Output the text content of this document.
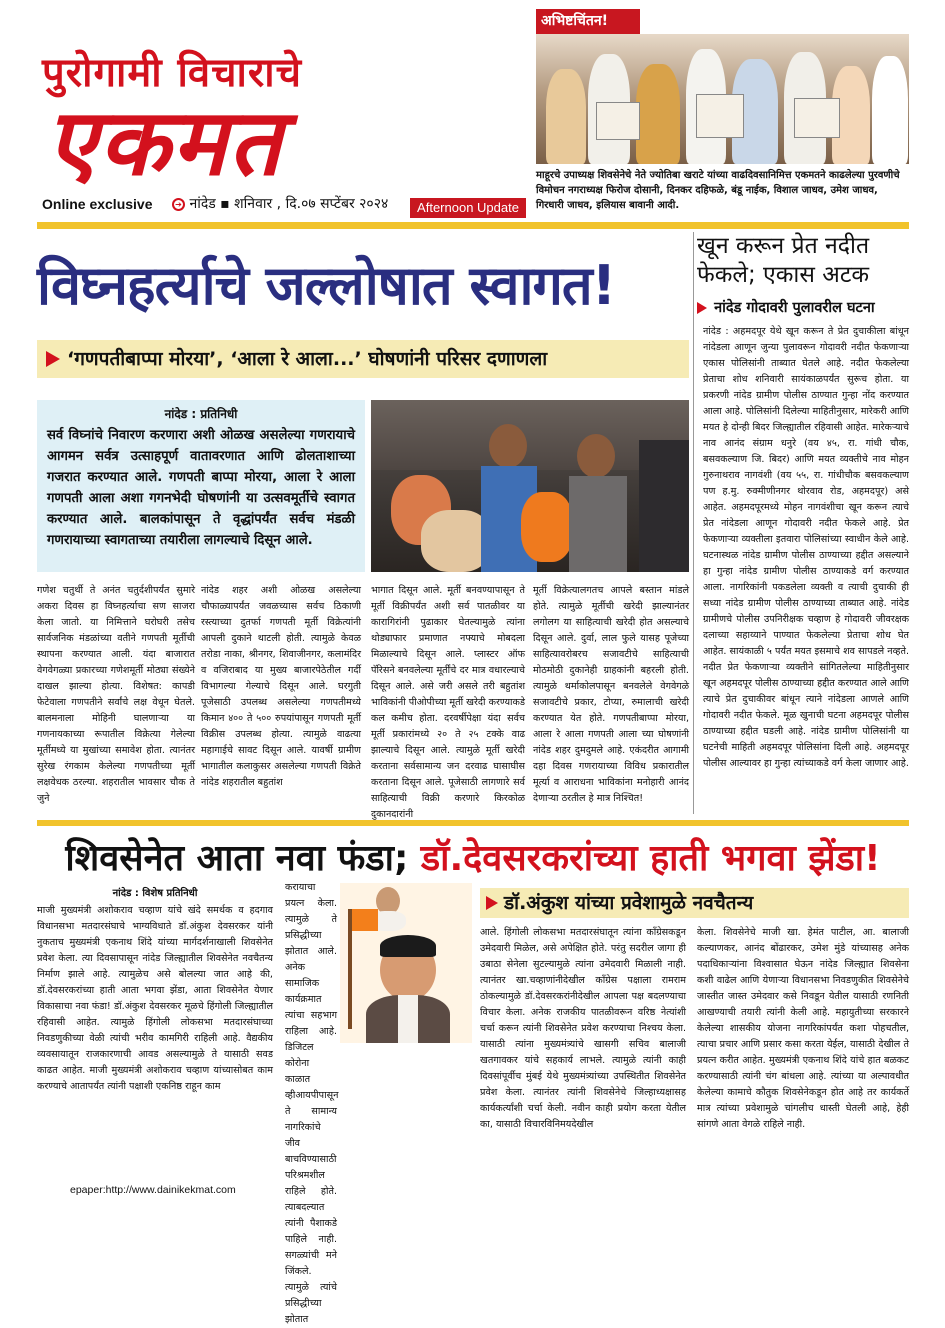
पुरोगामी विचाराचे
एकमत
Online exclusive	➔ नांदेड ▪ शनिवार , दि.०७ सप्टेंबर २०२४	Afternoon Update
अभिष्टचिंतन!
माहूरचे उपाध्यक्ष शिवसेनेचे नेते ज्योतिबा खराटे यांच्या वाढदिवसानिमित्त एकमतने काढलेल्या पुरवणीचे विमोचन नगराध्यक्ष फिरोज दोसानी, दिनकर दहिफळे, बंडू नाईक, विशाल जाधव, उमेश जाधव, गिरधारी जाधव, इलियास बावानी आदी.
विघ्नहर्त्याचे जल्लोषात स्वागत!
‘गणपतीबाप्पा मोरया’, ‘आला रे आला...’ घोषणांनी परिसर दणाणला
नांदेड : प्रतिनिधी
सर्व विघ्नांचे निवारण करणारा अशी ओळख असलेल्या गणरायाचे आगमन सर्वत्र उत्साहपूर्ण वातावरणात आणि ढोलताशाच्या गजरात करण्यात आले. गणपती बाप्पा मोरया, आला रे आला गणपती आला अशा गगनभेदी घोषणांनी या उत्सवमूर्तीचे स्वागत करण्यात आले. बालकांपासून ते वृद्धांपर्यंत सर्वच मंडळी गणरायाच्या स्वागताच्या तयारीला लागल्याचे दिसून आले.
गणेश चतुर्थी ते अनंत चतुर्दशीपर्यंत सुमारे अकरा दिवस हा विघ्नहर्त्याचा सण साजरा केला जातो. या निमित्ताने घरोघरी तसेच सार्वजनिक मंडळांच्या वतीने गणपती मूर्तीची स्थापना करण्यात आली. यंदा बाजारात वेगवेगळ्या प्रकारच्या गणेशमूर्ती मोठ्या संख्येने दाखल झाल्या होत्या. विशेषत: कापडी फेटेवाला गणपतीने सर्वांचे लक्ष वेधून घेतले. बालमनाला मोहिनी घालणाऱ्या या गणनायकाच्या रूपातील विक्रेत्या गेलेल्या मूर्तीमध्ये या मुखांच्या समावेश होता. त्यानंतर सुरेख रंगकाम केलेल्या गणपतीच्या मूर्ती लक्षवेधक ठरल्या. शहरातील भावसार चौक ते जुने
नांदेड शहर अशी ओळख असलेल्या चौफाळ्यापर्यंत जवळच्यास सर्वच ठिकाणी रस्त्याच्या दुतर्फा गणपती मूर्ती विक्रेत्यांनी आपली दुकाने थाटली होती. त्यामुळे केवळ तरोडा नाका, श्रीनगर, शिवाजीनगर, कलामंदिर व वजिराबाद या मुख्य बाजारपेठेतील गर्दी विभागल्या गेल्याचे दिसून आले. घरगुती पूजेसाठी उपलब्ध असलेल्या गणपतीमध्ये किमान ४०० ते ५०० रुपयांपासून गणपती मूर्ती विक्रीस उपलब्ध होत्या. त्यामुळे वाढत्या महागाईचे सावट दिसून आले. यावर्षी ग्रामीण भागातील कलाकुसर असलेल्या गणपती विक्रेते नांदेड शहरातील बहुतांश
भागात दिसून आले. मूर्ती बनवण्यापासून ते मूर्ती विक्रीपर्यंत अशी सर्व पातळीवर या कारागिरांनी पुढाकार घेतल्यामुळे त्यांना थोड्याफार प्रमाणात नफ्याचे मोबदला मिळाल्याचे दिसून आले. प्लास्टर ऑफ पॅरिसने बनवलेल्या मूर्तींचे दर मात्र वधारल्याचे दिसून आले. असे जरी असले तरी बहुतांश भाविकांनी पीओपीच्या मूर्ती खरेदी करण्याकडे कल कमीच होता. दरवर्षीपेक्षा यंदा सर्वच मूर्ती प्रकारांमध्ये २० ते २५ टक्के वाढ झाल्याचे दिसून आले. त्यामुळे मूर्ती खरेदी करताना सर्वसामान्य जन दरवाढ घासाघीस करताना दिसून आले. पूजेसाठी लागणारे सर्व साहित्याची विक्री करणारे किरकोळ दुकानदारांनी
मूर्ती विक्रेत्यालगतच आपले बस्तान मांडले होते. त्यामुळे मूर्तीची खरेदी झाल्यानंतर लगोलग या साहित्याची खरेदी होत असल्याचे दिसून आले. दुर्वा, लाल फुले यासह पूजेच्या साहित्यावरोबरच सजावटीचे साहित्याची मोठमोठी दुकानेही ग्राहकांनी बहरली होती. त्यामुळे थर्माकोलपासून बनवलेले वेगवेगळे सजावटीचे प्रकार, टोप्या, रुमालाची खरेदी करण्यात येत होते. गणपतीबाप्पा मोरया, आला रे आला गणपती आला च्या घोषणांनी नांदेड शहर दुमदुमले आहे. एकंदरीत आगामी दहा दिवस गणरायाच्या विविध प्रकारातील मूर्त्या व आराधना भाविकांना मनोहारी आनंद देणाऱ्या ठरतील हे मात्र निश्चित!
खून करून प्रेत नदीत
फेकले; एकास अटक
नांदेड गोदावरी पुलावरील घटना
नांदेड : अहमदपूर येथे खून करून ते प्रेत दुचाकीला बांधून नांदेडला आणून जुन्या पुलावरून गोदावरी नदीत फेकणाऱ्या एकास पोलिसांनी ताब्यात घेतले आहे. नदीत फेकलेल्या प्रेताचा शोध शनिवारी सायंकाळपर्यंत सुरूच होता. या प्रकरणी नांदेड ग्रामीण पोलीस ठाण्यात गुन्हा नोंद करण्यात आला आहे. पोलिसांनी दिलेल्या माहितीनुसार, मारेकरी आणि मयत हे दोन्ही बिदर जिल्ह्यातील रहिवासी आहेत. मारेकऱ्याचे नाव आनंद संग्राम धनुरे (वय ४५, रा. गांधी चौक, बसवकल्याण जि. बिदर) आणि मयत व्यक्तीचे नाव मोहन गुरुनाथराव नागवंशी (वय ५५, रा. गांधीचौक बसवकल्याण पण ह.मु. रुक्मीणीनगर थोरवाव रोड, अहमदपूर) असे आहेत. अहमदपूरमध्ये मोहन नागवंशीचा खून करून त्याचे प्रेत नांदेडला आणून गोदावरी नदीत फेकले आहे. प्रेत फेकणाऱ्या व्यक्तीला इतवारा पोलिसांच्या स्वाधीन केले आहे. घटनास्थळ नांदेड ग्रामीण पोलीस ठाण्याच्या हद्दीत असल्याने हा गुन्हा नांदेड ग्रामीण पोलीस ठाण्याकडे वर्ग करण्यात आला. नागरिकांनी पकडलेला व्यक्ती व त्याची दुचाकी ही सध्या नांदेड ग्रामीण पोलीस ठाण्याच्या ताब्यात आहे. नांदेड ग्रामीणचे पोलीस उपनिरीक्षक चव्हाण हे गोदावरी जीवरक्षक दलाच्या सहाय्याने पाण्यात फेकलेल्या प्रेताचा शोध घेत आहेत. सायंकाळी ५ पर्यंत मयत इसमाचे शव सापडले नव्हते. नदीत प्रेत फेकणाऱ्या व्यक्तीने सांगितलेल्या माहितीनुसार खून अहमदपूर पोलीस ठाण्याच्या हद्दीत करण्यात आले आणि त्याचे प्रेत दुचाकीवर बांधून त्याने नांदेडला आणले आणि गोदावरी नदीत फेकले. मूळ खुनाची घटना अहमदपूर पोलीस ठाण्याच्या हद्दीत घडली आहे. नांदेड ग्रामीण पोलिसांनी या घटनेची माहिती अहमदपूर पोलिसांना दिली आहे. अहमदपूर पोलीस आल्यावर हा गुन्हा त्यांच्याकडे वर्ग केला जाणार आहे.
शिवसेनेत आता नवा फंडा; डॉ.देवसरकरांच्या हाती भगवा झेंडा!
डॉ.अंकुश यांच्या प्रवेशामुळे नवचैतन्य
नांदेड : विशेष प्रतिनिधी
माजी मुख्यमंत्री अशोकराव चव्हाण यांचे खंदे समर्थक व हदगाव विधानसभा मतदारसंघाचे भाग्यविधाते डॉ.अंकुश देवसरकर यांनी नुकताच मुख्यमंत्री एकनाथ शिंदे यांच्या मार्गदर्शनाखाली शिवसेनेत प्रवेश केला. त्या दिवसापासून नांदेड जिल्ह्यातील शिवसेनेत नवचैतन्य निर्माण झाले आहे. त्यामुळेच असे बोलल्या जात आहे की, डॉ.देवसरकरांच्या हाती आता भगवा झेंडा, आता शिवसेनेत येणार विकासाचा नवा फंडा! डॉ.अंकुश देवसरकर मूळचे हिंगोली जिल्ह्यातील रहिवासी आहेत. त्यामुळे हिंगोली लोकसभा मतदारसंघाच्या निवडणुकीच्या वेळी त्यांची भरीव कामगिरी राहिली आहे. वैद्यकीय व्यवसायातून राजकारणाची आवड असल्यामुळे ते यासाठी सवड काढत आहेत. माजी मुख्यमंत्री अशोकराव चव्हाण यांच्यासोबत काम करण्याचे आतापर्यंत त्यांनी पक्षाशी एकनिष्ठ राहून काम
करायाचा प्रयत्न केला. त्यामुळे ते प्रसिद्धीच्या झोतात आले. अनेक सामाजिक कार्यक्रमात त्यांचा सहभाग राहिला आहे. डिजिटल कोरोना काळात व्हीआयपीपासून ते सामान्य नागरिकांचे जीव बाचविण्यासाठी परिश्रमशील राहिले होते. त्याबदल्यात त्यांनी पैशाकडे पाहिले नाही. सगळ्यांची मने जिंकले. त्यामुळे त्यांचे प्रसिद्धीच्या झोतात
आले. हिंगोली लोकसभा मतदारसंघातून त्यांना काँग्रेसकडून उमेदवारी मिळेल, असे अपेक्षित होते. परंतु सदरील जागा ही उबाठा सेनेला सुटल्यामुळे त्यांना उमेदवारी मिळाली नाही. त्यानंतर खा.चव्हाणांनीदेखील काँग्रेस पक्षाला रामराम ठोकल्यामुळे डॉ.देवसरकरांनीदेखील आपला पक्ष बदलण्याचा विचार केला. अनेक राजकीय पातळीवरून वरिष्ठ नेत्यांशी चर्चा करून त्यांनी शिवसेनेत प्रवेश करण्याचा निश्चय केला. यासाठी त्यांना मुख्यमंत्र्यांचे खासगी सचिव बालाजी खतगावकर यांचे सहकार्य लाभले. त्यामुळे त्यांनी काही दिवसांपूर्वीच मुंबई येथे मुख्यमंत्र्यांच्या उपस्थितीत शिवसेनेत प्रवेश केला. त्यानंतर त्यांनी शिवसेनेचे जिल्हाध्यक्षासह कार्यकर्त्यांशी चर्चा केली. नवीन काही प्रयोग करता येतील का, यासाठी विचारविनिमयदेखील
केला. शिवसेनेचे माजी खा. हेमंत पाटील, आ. बालाजी कल्याणकर, आनंद बोंढारकर, उमेश मुंडे यांच्यासह अनेक पदाधिकाऱ्यांना विश्वासात घेऊन नांदेड जिल्ह्यात शिवसेना कशी वाढेल आणि येणाऱ्या विधानसभा निवडणुकीत शिवसेनेचे जास्तीत जास्त उमेदवार कसे निवडून येतील यासाठी रणनिती आखण्याची तयारी त्यांनी केली आहे. महायुतीच्या सरकारने केलेल्या शासकीय योजना नागरिकांपर्यंत कशा पोहचतील, त्याचा प्रचार आणि प्रसार कसा करता येईल, यासाठी देखील ते प्रयत्न करीत आहेत. मुख्यमंत्री एकनाथ शिंदे यांचे हात बळकट करण्यासाठी त्यांनी चंग बांधला आहे. त्यांच्या या अल्पावधीत केलेल्या कामाचे कौतुक शिवसेनेकडून होत आहे तर कार्यकर्ते मात्र त्यांच्या प्रवेशामुळे चांगलीच धास्ती घेतली आहे, हेही सांगणे आता वेगळे राहिले नाही.
epaper:http://www.dainikekmat.com
